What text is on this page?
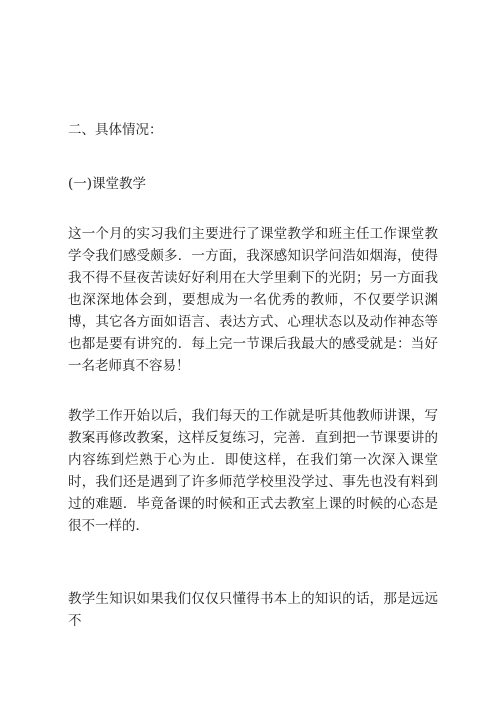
二、具体情况：

(一)课堂教学

这一个月的实习我们主要进行了课堂教学和班主任工作课堂教学令我们感受颇多．一方面，我深感知识学问浩如烟海，使得我不得不昼夜苦读好好利用在大学里剩下的光阴；另一方面我也深深地体会到，要想成为一名优秀的教师，不仅要学识渊博，其它各方面如语言、表达方式、心理状态以及动作神态等也都是要有讲究的．每上完一节课后我最大的感受就是：当好一名老师真不容易！

教学工作开始以后，我们每天的工作就是听其他教师讲课，写教案再修改教案，这样反复练习，完善．直到把一节课要讲的内容练到烂熟于心为止．即使这样，在我们第一次深入课堂时，我们还是遇到了许多师范学校里没学过、事先也没有料到过的难题．毕竟备课的时候和正式去教室上课的时候的心态是很不一样的．

教学生知识如果我们仅仅只懂得书本上的知识的话，那是远远不
